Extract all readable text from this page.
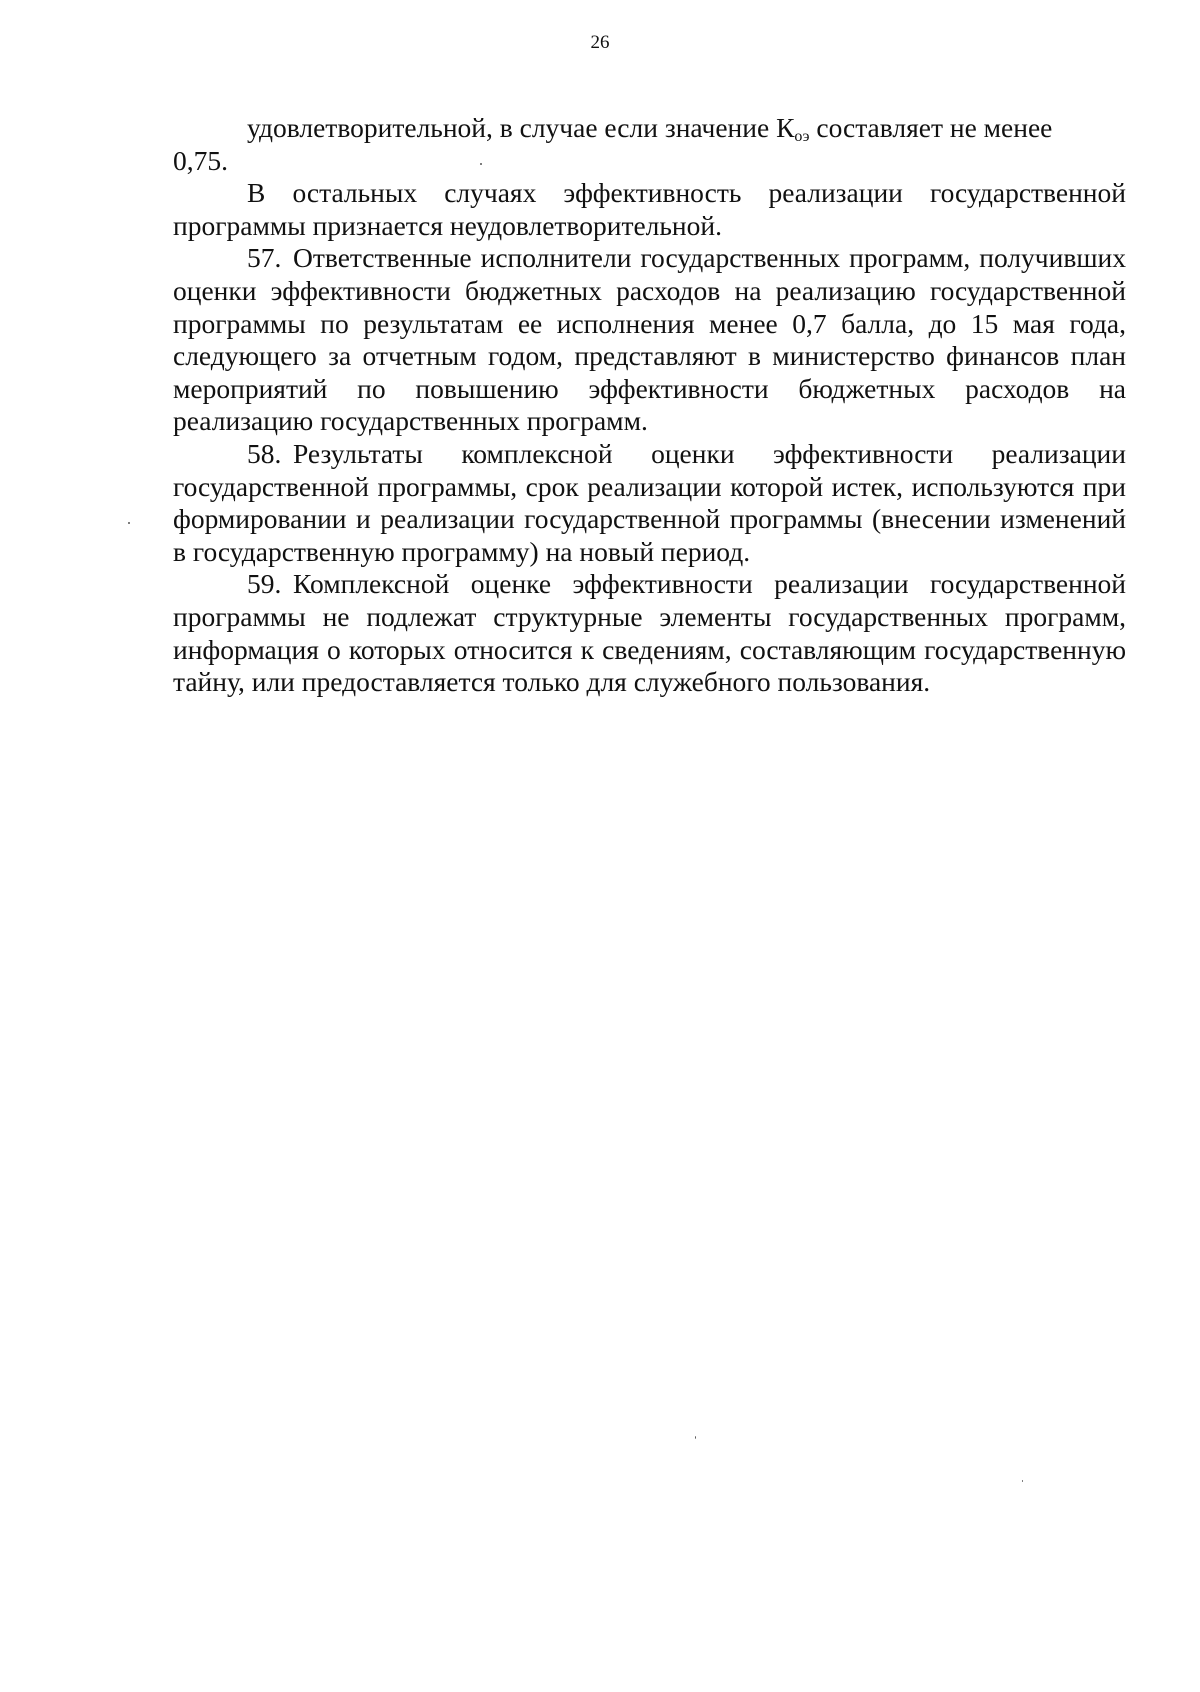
26

удовлетворительной, в случае если значение $К_{оэ}$ составляет не менее

0,75.

В остальных случаях эффективность реализации государственной программы признается неудовлетворительной.

57. Ответственные исполнители государственных программ, получивших оценки эффективности бюджетных расходов на реализацию государственной программы по результатам ее исполнения менее 0,7 балла, до 15 мая года, следующего за отчетным годом, представляют в министерство финансов план мероприятий по повышению эффективности бюджетных расходов на реализацию государственных программ.

58. Результаты комплексной оценки эффективности реализации государственной программы, срок реализации которой истек, используются при формировании и реализации государственной программы (внесении изменений в государственную программу) на новый период.

59. Комплексной оценке эффективности реализации государственной программы не подлежат структурные элементы государственных программ, информация о которых относится к сведениям, составляющим государственную тайну, или предоставляется только для служебного пользования.
